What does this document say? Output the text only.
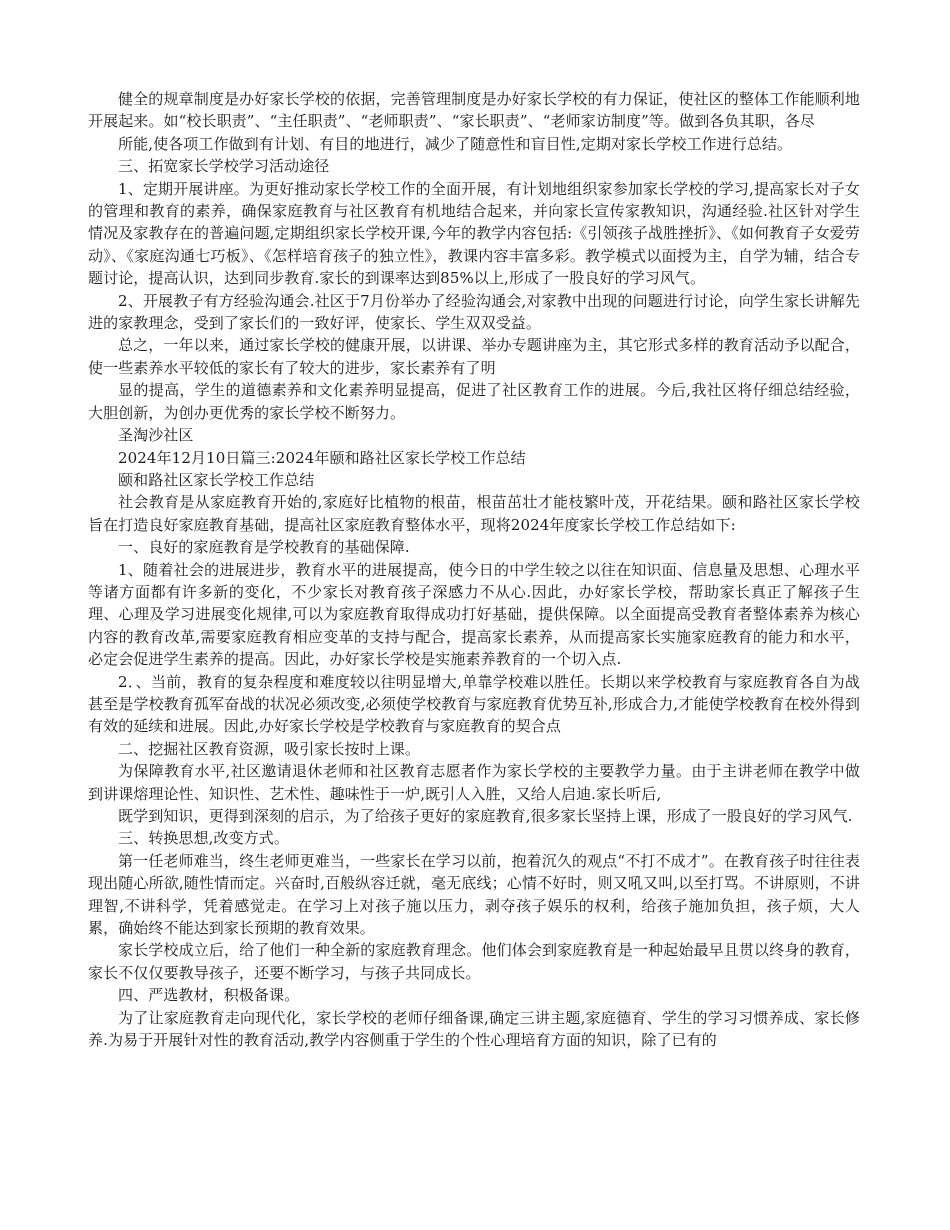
健全的规章制度是办好家长学校的依据，完善管理制度是办好家长学校的有力保证，使社区的整体工作能顺利地开展起来。如“校长职责”、“主任职责”、“老师职责”、“家长职责”、“老师家访制度”等。做到各负其职，各尽

所能,使各项工作做到有计划、有目的地进行，减少了随意性和盲目性,定期对家长学校工作进行总结。

三、拓宽家长学校学习活动途径

1、定期开展讲座。为更好推动家长学校工作的全面开展，有计划地组织家参加家长学校的学习,提高家长对子女的管理和教育的素养，确保家庭教育与社区教育有机地结合起来，并向家长宣传家教知识，沟通经验.社区针对学生情况及家教存在的普遍问题,定期组织家长学校开课,今年的教学内容包括:《引领孩子战胜挫折》、《如何教育子女爱劳动》、《家庭沟通七巧板》、《怎样培育孩子的独立性》，教课内容丰富多彩。教学模式以面授为主，自学为辅，结合专题讨论，提高认识，达到同步教育.家长的到课率达到85%以上,形成了一股良好的学习风气。

2、开展教子有方经验沟通会.社区于7月份举办了经验沟通会,对家教中出现的问题进行讨论，向学生家长讲解先进的家教理念，受到了家长们的一致好评，使家长、学生双双受益。

总之，一年以来，通过家长学校的健康开展，以讲课、举办专题讲座为主，其它形式多样的教育活动予以配合，使一些素养水平较低的家长有了较大的进步，家长素养有了明

显的提高，学生的道德素养和文化素养明显提高，促进了社区教育工作的进展。今后,我社区将仔细总结经验，大胆创新，为创办更优秀的家长学校不断努力。

圣淘沙社区

2024年12月10日篇三:2024年颐和路社区家长学校工作总结

颐和路社区家长学校工作总结

社会教育是从家庭教育开始的,家庭好比植物的根苗，根苗茁壮才能枝繁叶茂，开花结果。颐和路社区家长学校旨在打造良好家庭教育基础，提高社区家庭教育整体水平，现将2024年度家长学校工作总结如下:

一、良好的家庭教育是学校教育的基础保障.

1、随着社会的进展进步，教育水平的进展提高，使今日的中学生较之以往在知识面、信息量及思想、心理水平等诸方面都有许多新的变化，不少家长对教育孩子深感力不从心.因此，办好家长学校，帮助家长真正了解孩子生理、心理及学习进展变化规律,可以为家庭教育取得成功打好基础，提供保障。以全面提高受教育者整体素养为核心内容的教育改革,需要家庭教育相应变革的支持与配合，提高家长素养，从而提高家长实施家庭教育的能力和水平，必定会促进学生素养的提高。因此，办好家长学校是实施素养教育的一个切入点.

2．、当前，教育的复杂程度和难度较以往明显增大,单靠学校难以胜任。长期以来学校教育与家庭教育各自为战甚至是学校教育孤军奋战的状况必须改变,必须使学校教育与家庭教育优势互补,形成合力,才能使学校教育在校外得到有效的延续和进展。因此,办好家长学校是学校教育与家庭教育的契合点

二、挖掘社区教育资源，吸引家长按时上课。

为保障教育水平,社区邀请退休老师和社区教育志愿者作为家长学校的主要教学力量。由于主讲老师在教学中做到讲课熔理论性、知识性、艺术性、趣味性于一炉,既引人入胜，又给人启迪.家长听后,

既学到知识，更得到深刻的启示，为了给孩子更好的家庭教育,很多家长坚持上课，形成了一股良好的学习风气.

三、转换思想,改变方式。

第一任老师难当，终生老师更难当，一些家长在学习以前，抱着沉久的观点“不打不成才”。在教育孩子时往往表现出随心所欲,随性情而定。兴奋时,百般纵容迁就，毫无底线；心情不好时，则又吼又叫,以至打骂。不讲原则，不讲理智,不讲科学，凭着感觉走。在学习上对孩子施以压力，剥夺孩子娱乐的权利，给孩子施加负担，孩子烦，大人累，确始终不能达到家长预期的教育效果。

家长学校成立后，给了他们一种全新的家庭教育理念。他们体会到家庭教育是一种起始最早且贯以终身的教育，家长不仅仅要教导孩子，还要不断学习，与孩子共同成长。

四、严选教材，积极备课。

为了让家庭教育走向现代化，家长学校的老师仔细备课,确定三讲主题,家庭德育、学生的学习习惯养成、家长修养.为易于开展针对性的教育活动,教学内容侧重于学生的个性心理培育方面的知识，除了已有的
